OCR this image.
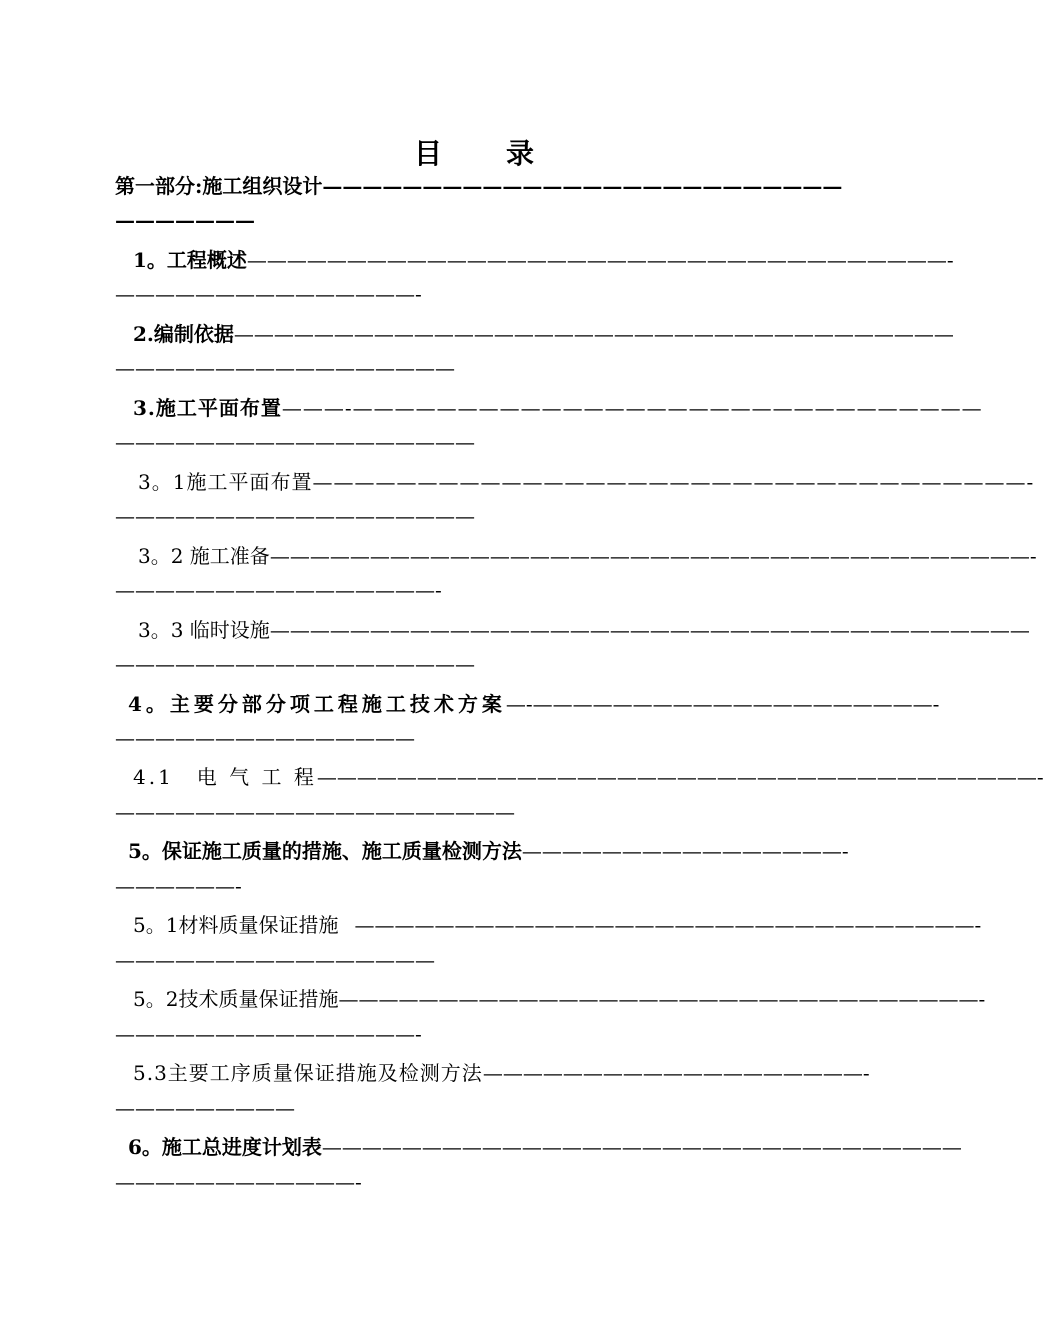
目 录
第一部分:施工组织设计——————————————————————————
———————
1。工程概述———————————————————————————————————-
———————————————-
2.编制依据————————————————————————————————————
—————————————————
3.施工平面布置———-——————————————————————————————
——————————————————
3。1施工平面布置——————————————————————————————————-
——————————————————
3。2 施工准备——————————————————————————————————————-
————————————————-
3。3 临时设施——————————————————————————————————————
——————————————————
4。主要分部分项工程施工技术方案—-————————————————————-
———————————————
4.1　电 气 工 程————————————————————————————————————-
————————————————————
5。保证施工质量的措施、施工质量检测方法————————————————-
——————-
5。1材料质量保证措施 ———————————————————————————————-
————————————————
5。2技术质量保证措施————————————————————————————————-
———————————————-
5.3主要工序质量保证措施及检测方法———————————————————-
—————————
6。施工总进度计划表————————————————————————————————
————————————-
